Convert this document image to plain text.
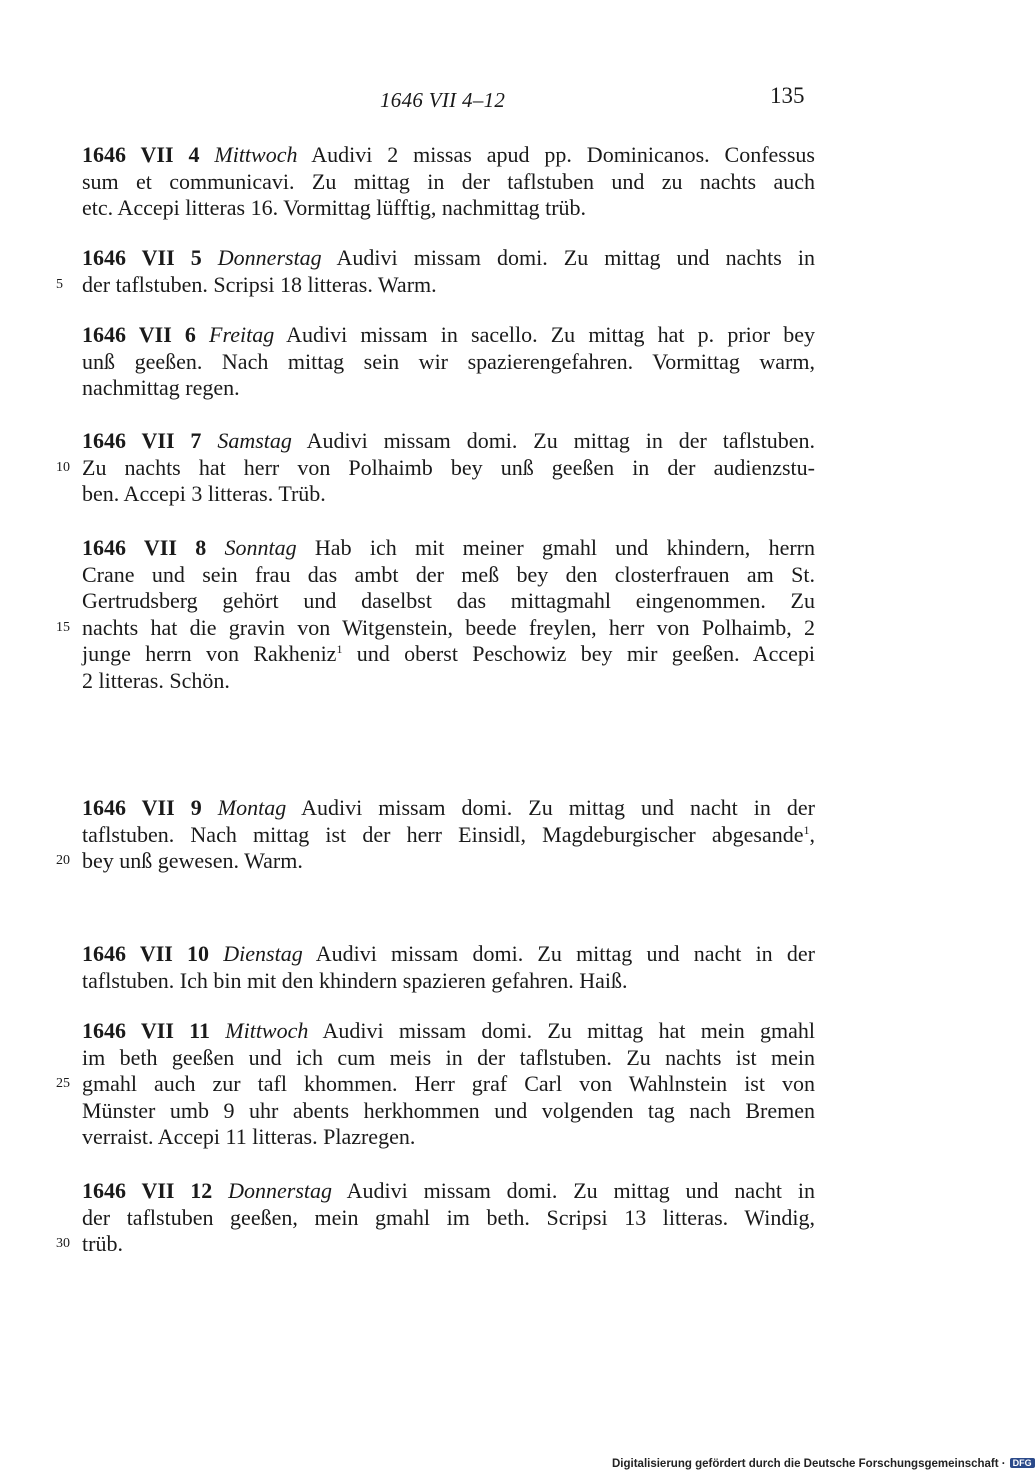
1646 VII 4–12	135
1646 VII 4 Mittwoch Audivi 2 missas apud pp. Dominicanos. Confessus
sum et communicavi. Zu mittag in der taflstuben und zu nachts auch
etc. Accepi litteras 16. Vormittag lüfftig, nachmittag trüb.
1646 VII 5 Donnerstag Audivi missam domi. Zu mittag und nachts in
5 der taflstuben. Scripsi 18 litteras. Warm.
1646 VII 6 Freitag Audivi missam in sacello. Zu mittag hat p. prior bey
unß geeßen. Nach mittag sein wir spazierengefahren. Vormittag warm,
nachmittag regen.
1646 VII 7 Samstag Audivi missam domi. Zu mittag in der taflstuben.
10 Zu nachts hat herr von Polhaimb bey unß geeßen in der audienzstu-
ben. Accepi 3 litteras. Trüb.
1646 VII 8 Sonntag Hab ich mit meiner gmahl und khindern, herrn
Crane und sein frau das ambt der meß bey den closterfrauen am St.
Gertrudsberg gehört und daselbst das mittagmahl eingenommen. Zu
15 nachts hat die gravin von Witgenstein, beede freylen, herr von Polhaimb, 2
junge herrn von Rakheniz$^1$ und oberst Peschowiz bey mir geeßen. Accepi
2 litteras. Schön.
1646 VII 9 Montag Audivi missam domi. Zu mittag und nacht in der
taflstuben. Nach mittag ist der herr Einsidl, Magdeburgischer abgesande$^1$,
20 bey unß gewesen. Warm.
1646 VII 10 Dienstag Audivi missam domi. Zu mittag und nacht in der
taflstuben. Ich bin mit den khindern spazieren gefahren. Haiß.
1646 VII 11 Mittwoch Audivi missam domi. Zu mittag hat mein gmahl
im beth geeßen und ich cum meis in der taflstuben. Zu nachts ist mein
25 gmahl auch zur tafl khommen. Herr graf Carl von Wahlnstein ist von
Münster umb 9 uhr abents herkhommen und volgenden tag nach Bremen
verraist. Accepi 11 litteras. Plazregen.
1646 VII 12 Donnerstag Audivi missam domi. Zu mittag und nacht in
der taflstuben geeßen, mein gmahl im beth. Scripsi 13 litteras. Windig,
30 trüb.
Digitalisierung gefördert durch die Deutsche Forschungsgemeinschaft · DFG
